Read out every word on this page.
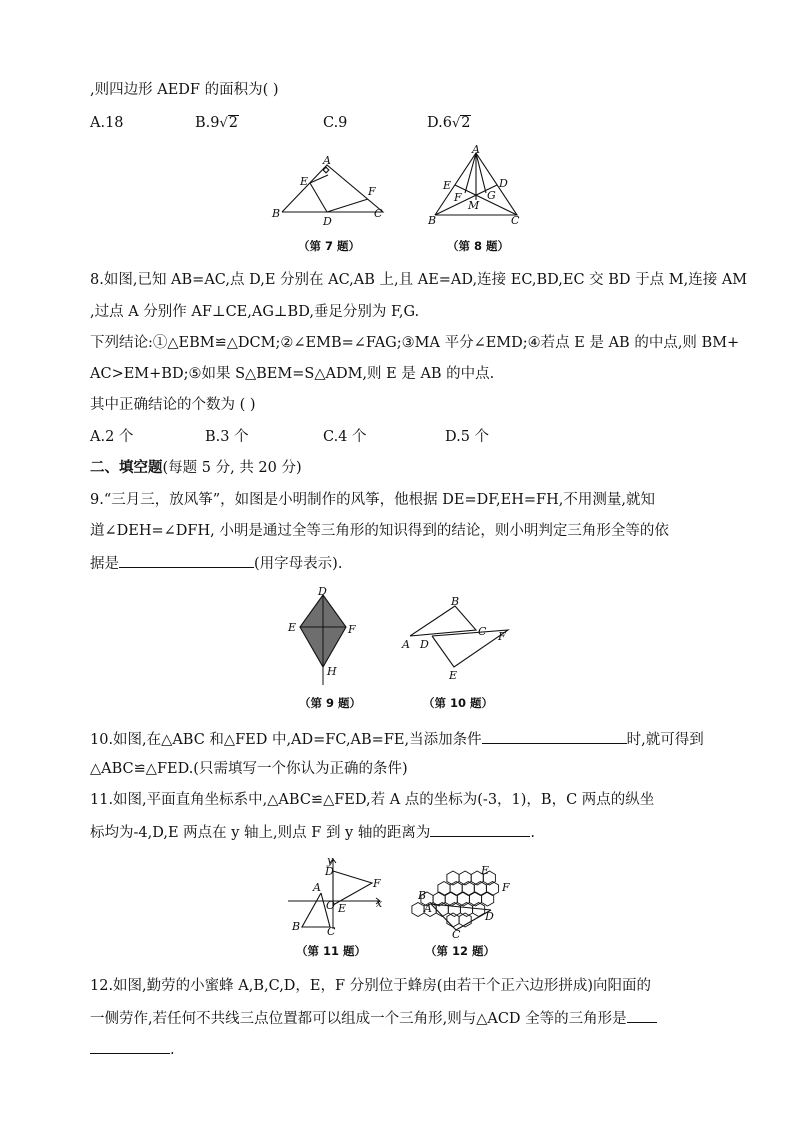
,则四边形 AEDF 的面积为( )
A.18	B.9√2	C.9	D.6√2
A
E
F
B
D
C
A
E	D
F G
M
B	C
（第 7 题）	（第 8 题）
8.如图,已知 AB=AC,点 D,E 分别在 AC,AB 上,且 AE=AD,连接 EC,BD,EC 交 BD 于点 M,连接 AM
,过点 A 分别作 AF⊥CE,AG⊥BD,垂足分别为 F,G.
下列结论:①△EBM≌△DCM;②∠EMB=∠FAG;③MA 平分∠EMD;④若点 E 是 AB 的中点,则 BM+
AC>EM+BD;⑤如果 S△BEM=S△ADM,则 E 是 AB 的中点.
其中正确结论的个数为 ( )
A.2 个	B.3 个	C.4 个	D.5 个
二、填空题(每题 5 分, 共 20 分)
9.“三月三，放风筝”，如图是小明制作的风筝，他根据 DE=DF,EH=FH,不用测量,就知
道∠DEH=∠DFH, 小明是通过全等三角形的知识得到的结论，则小明判定三角形全等的依
据是	(用字母表示).
D
E	F
H
B
C F
A D
E
（第 9 题）	（第 10 题）
10.如图,在△ABC 和△FED 中,AD=FC,AB=FE,当添加条件	时,就可得到
△ABC≌△FED.(只需填写一个你认为正确的条件)
11.如图,平面直角坐标系中,△ABC≌△FED,若 A 点的坐标为(-3，1)，B，C 两点的纵坐
标均为-4,D,E 两点在 y 轴上,则点 F 到 y 轴的距离为	.
y
D
F
A
O E	x
B C
E
F
B
A
D
C
（第 11 题）	（第 12 题）
12.如图,勤劳的小蜜蜂 A,B,C,D，E，F 分别位于蜂房(由若干个正六边形拼成)向阳面的
一侧劳作,若任何不共线三点位置都可以组成一个三角形,则与△ACD 全等的三角形是
.
